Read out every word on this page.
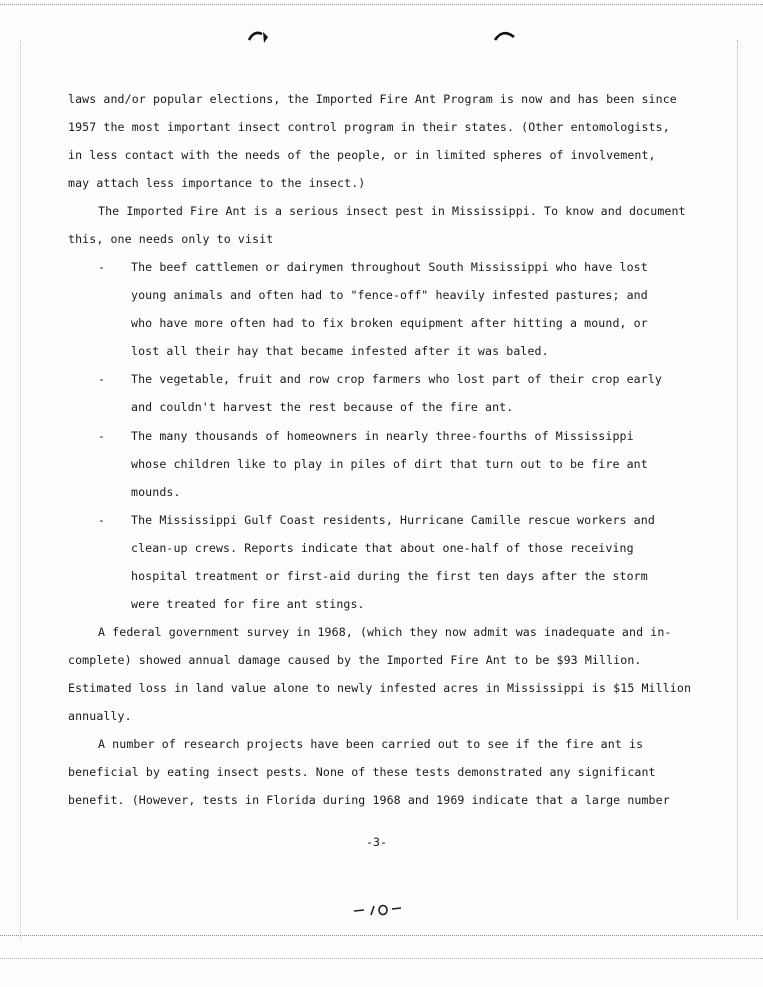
laws and/or popular elections, the Imported Fire Ant Program is now and has been since
1957 the most important insect control program in their states. (Other entomologists,
in less contact with the needs of the people, or in limited spheres of involvement,
may attach less importance to the insect.)
The Imported Fire Ant is a serious insect pest in Mississippi. To know and document
this, one needs only to visit
-	The beef cattlemen or dairymen throughout South Mississippi who have lost
young animals and often had to "fence-off" heavily infested pastures; and
who have more often had to fix broken equipment after hitting a mound, or
lost all their hay that became infested after it was baled.
-	The vegetable, fruit and row crop farmers who lost part of their crop early
and couldn't harvest the rest because of the fire ant.
-	The many thousands of homeowners in nearly three-fourths of Mississippi
whose children like to play in piles of dirt that turn out to be fire ant
mounds.
-	The Mississippi Gulf Coast residents, Hurricane Camille rescue workers and
clean-up crews. Reports indicate that about one-half of those receiving
hospital treatment or first-aid during the first ten days after the storm
were treated for fire ant stings.
A federal government survey in 1968, (which they now admit was inadequate and in-
complete) showed annual damage caused by the Imported Fire Ant to be $93 Million.
Estimated loss in land value alone to newly infested acres in Mississippi is $15 Million
annually.
A number of research projects have been carried out to see if the fire ant is
beneficial by eating insect pests. None of these tests demonstrated any significant
benefit. (However, tests in Florida during 1968 and 1969 indicate that a large number
-3-
